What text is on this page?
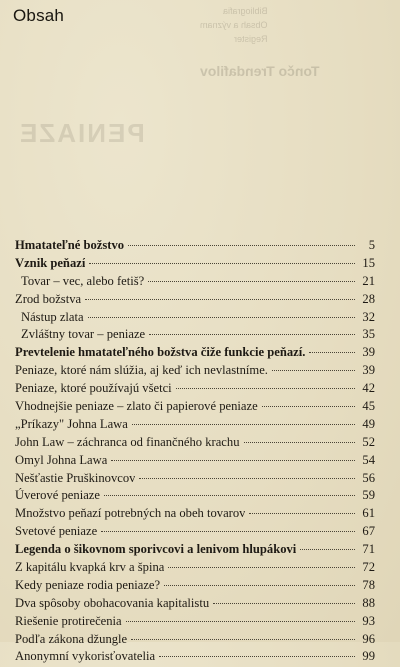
Bibliografia
Obsah a význam
Register
Tončo Trendafilov
PENIAZE
Obsah
Hmatateľné božstvo	5
Vznik peňazí	15
Tovar – vec, alebo fetiš?	21
Zrod božstva	28
Nástup zlata	32
Zvláštny tovar – peniaze	35
Prevtelenie hmatateľného božstva čiže funkcie peňazí.	39
Peniaze, ktoré nám slúžia, aj keď ich nevlastníme.	39
Peniaze, ktoré používajú všetci	42
Vhodnejšie peniaze – zlato či papierové peniaze	45
„Príkazy" Johna Lawa	49
John Law – záchranca od finančného krachu	52
Omyl Johna Lawa	54
Nešťastie Pruškinovcov	56
Úverové peniaze	59
Množstvo peňazí potrebných na obeh tovarov	61
Svetové peniaze	67
Legenda o šikovnom sporivcovi a lenivom hlupákovi	71
Z kapitálu kvapká krv a špina	72
Kedy peniaze rodia peniaze?	78
Dva spôsoby obohacovania kapitalistu	88
Riešenie protirečenia	93
Podľa zákona džungle	96
Anonymní vykorisťovatelia	99
